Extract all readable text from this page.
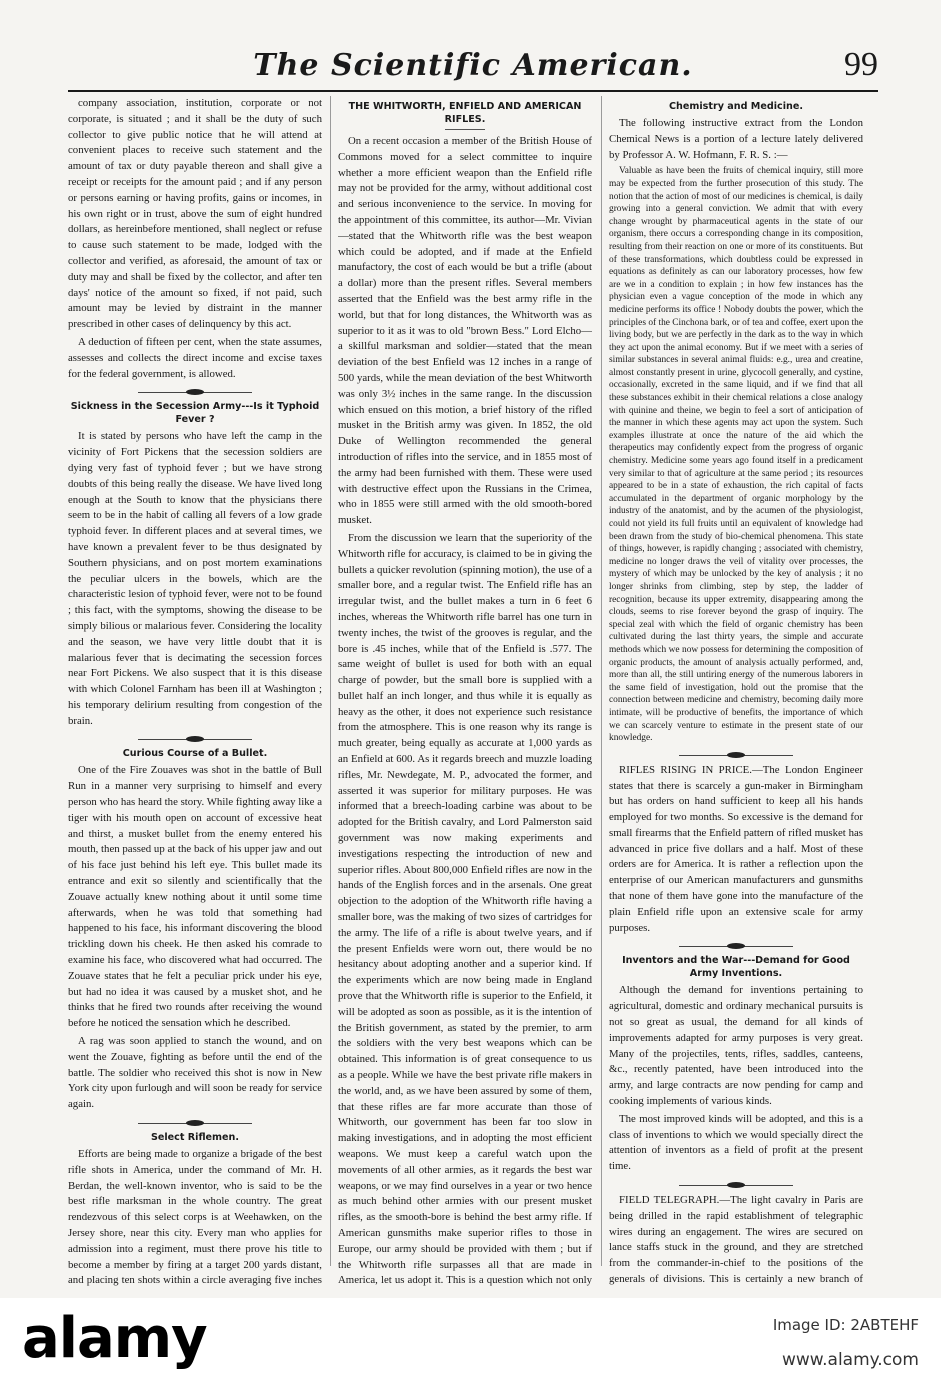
The Scientific American.	99

company association, institution, corporate or not corporate, is situated ; and it shall be the duty of such collector to give public notice that he will attend at convenient places to receive such statement and the amount of tax or duty payable thereon and shall give a receipt or receipts for the amount paid ; and if any person or persons earning or having profits, gains or incomes, in his own right or in trust, above the sum of eight hundred dollars, as hereinbefore mentioned, shall neglect or refuse to cause such statement to be made, lodged with the collector and verified, as aforesaid, the amount of tax or duty may and shall be fixed by the collector, and after ten days' notice of the amount so fixed, if not paid, such amount may be levied by distraint in the manner prescribed in other cases of delinquency by this act.

A deduction of fifteen per cent, when the state assumes, assesses and collects the direct income and excise taxes for the federal government, is allowed.

Sickness in the Secession Army---Is it Typhoid Fever ?

It is stated by persons who have left the camp in the vicinity of Fort Pickens that the secession soldiers are dying very fast of typhoid fever ; but we have strong doubts of this being really the disease. We have lived long enough at the South to know that the physicians there seem to be in the habit of calling all fevers of a low grade typhoid fever. In different places and at several times, we have known a prevalent fever to be thus designated by Southern physicians, and on post mortem examinations the peculiar ulcers in the bowels, which are the characteristic lesion of typhoid fever, were not to be found ; this fact, with the symptoms, showing the disease to be simply bilious or malarious fever. Considering the locality and the season, we have very little doubt that it is malarious fever that is decimating the secession forces near Fort Pickens. We also suspect that it is this disease with which Colonel Farnham has been ill at Washington ; his temporary delirium resulting from congestion of the brain.

Curious Course of a Bullet.

One of the Fire Zouaves was shot in the battle of Bull Run in a manner very surprising to himself and every person who has heard the story. While fighting away like a tiger with his mouth open on account of excessive heat and thirst, a musket bullet from the enemy entered his mouth, then passed up at the back of his upper jaw and out of his face just behind his left eye. This bullet made its entrance and exit so silently and scientifically that the Zouave actually knew nothing about it until some time afterwards, when he was told that something had happened to his face, his informant discovering the blood trickling down his cheek. He then asked his comrade to examine his face, who discovered what had occurred. The Zouave states that he felt a peculiar prick under his eye, but had no idea it was caused by a musket shot, and he thinks that he fired two rounds after receiving the wound before he noticed the sensation which he described.

A rag was soon applied to stanch the wound, and on went the Zouave, fighting as before until the end of the battle. The soldier who received this shot is now in New York city upon furlough and will soon be ready for service again.

Select Riflemen.

Efforts are being made to organize a brigade of the best rifle shots in America, under the command of Mr. H. Berdan, the well-known inventor, who is said to be the best rifle marksman in the whole country. The great rendezvous of this select corps is at Weehawken, on the Jersey shore, near this city. Every man who applies for admission into a regiment, must there prove his title to become a member by firing at a target 200 yards distant, and placing ten shots within a circle averaging five inches

THE WHITWORTH, ENFIELD AND AMERICAN RIFLES.

On a recent occasion a member of the British House of Commons moved for a select committee to inquire whether a more efficient weapon than the Enfield rifle may not be provided for the army, without additional cost and serious inconvenience to the service. In moving for the appointment of this committee, its author—Mr. Vivian—stated that the Whitworth rifle was the best weapon which could be adopted, and if made at the Enfield manufactory, the cost of each would be but a trifle (about a dollar) more than the present rifles. Several members asserted that the Enfield was the best army rifle in the world, but that for long distances, the Whitworth was as superior to it as it was to old "brown Bess." Lord Elcho—a skillful marksman and soldier—stated that the mean deviation of the best Enfield was 12 inches in a range of 500 yards, while the mean deviation of the best Whitworth was only 3½ inches in the same range. In the discussion which ensued on this motion, a brief history of the rifled musket in the British army was given. In 1852, the old Duke of Wellington recommended the general introduction of rifles into the service, and in 1855 most of the army had been furnished with them. These were used with destructive effect upon the Russians in the Crimea, who in 1855 were still armed with the old smooth-bored musket.

From the discussion we learn that the superiority of the Whitworth rifle for accuracy, is claimed to be in giving the bullets a quicker revolution (spinning motion), the use of a smaller bore, and a regular twist. The Enfield rifle has an irregular twist, and the bullet makes a turn in 6 feet 6 inches, whereas the Whitworth rifle barrel has one turn in twenty inches, the twist of the grooves is regular, and the bore is .45 inches, while that of the Enfield is .577. The same weight of bullet is used for both with an equal charge of powder, but the small bore is supplied with a bullet half an inch longer, and thus while it is equally as heavy as the other, it does not experience such resistance from the atmosphere. This is one reason why its range is much greater, being equally as accurate at 1,000 yards as an Enfield at 600. As it regards breech and muzzle loading rifles, Mr. Newdegate, M. P., advocated the former, and asserted it was superior for military purposes. He was informed that a breech-loading carbine was about to be adopted for the British cavalry, and Lord Palmerston said government was now making experiments and investigations respecting the introduction of new and superior rifles. About 800,000 Enfield rifles are now in the hands of the English forces and in the arsenals. One great objection to the adoption of the Whitworth rifle having a smaller bore, was the making of two sizes of cartridges for the army. The life of a rifle is about twelve years, and if the present Enfields were worn out, there would be no hesitancy about adopting another and a superior kind. If the experiments which are now being made in England prove that the Whitworth rifle is superior to the Enfield, it will be adopted as soon as possible, as it is the intention of the British government, as stated by the premier, to arm the soldiers with the very best weapons which can be obtained. This information is of great consequence to us as a people. While we have the best private rifle makers in the world, and, as we have been assured by some of them, that these rifles are far more accurate than those of Whitworth, our government has been far too slow in making investigations, and in adopting the most efficient weapons. We must keep a careful watch upon the movements of all other armies, as it regards the best war weapons, or we may find ourselves in a year or two hence as much behind other armies with our present musket rifles, as the smooth-bore is behind the best army rifle. If American gunsmiths make superior rifles to those in Europe, our army should be provided with them ; but if the Whitworth rifle surpasses all that are made in America, let us adopt it. This is a question which not only

Chemistry and Medicine.

The following instructive extract from the London Chemical News is a portion of a lecture lately delivered by Professor A. W. Hofmann, F. R. S. :—

Valuable as have been the fruits of chemical inquiry, still more may be expected from the further prosecution of this study. The notion that the action of most of our medicines is chemical, is daily growing into a general conviction. We admit that with every change wrought by pharmaceutical agents in the state of our organism, there occurs a corresponding change in its composition, resulting from their reaction on one or more of its constituents. But of these transformations, which doubtless could be expressed in equations as definitely as can our laboratory processes, how few are we in a condition to explain ; in how few instances has the physician even a vague conception of the mode in which any medicine performs its office ! Nobody doubts the power, which the principles of the Cinchona bark, or of tea and coffee, exert upon the living body, but we are perfectly in the dark as to the way in which they act upon the animal economy. But if we meet with a series of similar substances in several animal fluids: e.g., urea and creatine, almost constantly present in urine, glycocoll generally, and cystine, occasionally, excreted in the same liquid, and if we find that all these substances exhibit in their chemical relations a close analogy with quinine and theine, we begin to feel a sort of anticipation of the manner in which these agents may act upon the system. Such examples illustrate at once the nature of the aid which the therapeutics may confidently expect from the progress of organic chemistry. Medicine some years ago found itself in a predicament very similar to that of agriculture at the same period ; its resources appeared to be in a state of exhaustion, the rich capital of facts accumulated in the department of organic morphology by the industry of the anatomist, and by the acumen of the physiologist, could not yield its full fruits until an equivalent of knowledge had been drawn from the study of bio-chemical phenomena. This state of things, however, is rapidly changing ; associated with chemistry, medicine no longer draws the veil of vitality over processes, the mystery of which may be unlocked by the key of analysis ; it no longer shrinks from climbing, step by step, the ladder of recognition, because its upper extremity, disappearing among the clouds, seems to rise forever beyond the grasp of inquiry. The special zeal with which the field of organic chemistry has been cultivated during the last thirty years, the simple and accurate methods which we now possess for determining the composition of organic products, the amount of analysis actually performed, and, more than all, the still untiring energy of the numerous laborers in the same field of investigation, hold out the promise that the connection between medicine and chemistry, becoming daily more intimate, will be productive of benefits, the importance of which we can scarcely venture to estimate in the present state of our knowledge.

RIFLES RISING IN PRICE.—The London Engineer states that there is scarcely a gun-maker in Birmingham but has orders on hand sufficient to keep all his hands employed for two months. So excessive is the demand for small firearms that the Enfield pattern of rifled musket has advanced in price five dollars and a half. Most of these orders are for America. It is rather a reflection upon the enterprise of our American manufacturers and gunsmiths that none of them have gone into the manufacture of the plain Enfield rifle upon an extensive scale for army purposes.

Inventors and the War---Demand for Good Army Inventions.

Although the demand for inventions pertaining to agricultural, domestic and ordinary mechanical pursuits is not so great as usual, the demand for all kinds of improvements adapted for army purposes is very great. Many of the projectiles, tents, rifles, saddles, canteens, &c., recently patented, have been introduced into the army, and large contracts are now pending for camp and cooking implements of various kinds.

The most improved kinds will be adopted, and this is a class of inventions to which we would specially direct the attention of inventors as a field of profit at the present time.

FIELD TELEGRAPH.—The light cavalry in Paris are being drilled in the rapid establishment of telegraphic wires during an engagement. The wires are secured on lance staffs stuck in the ground, and they are stretched from the commander-in-chief to the positions of the generals of divisions. This is certainly a new branch of

alamy	Image ID: 2ABTEHF
www.alamy.com
